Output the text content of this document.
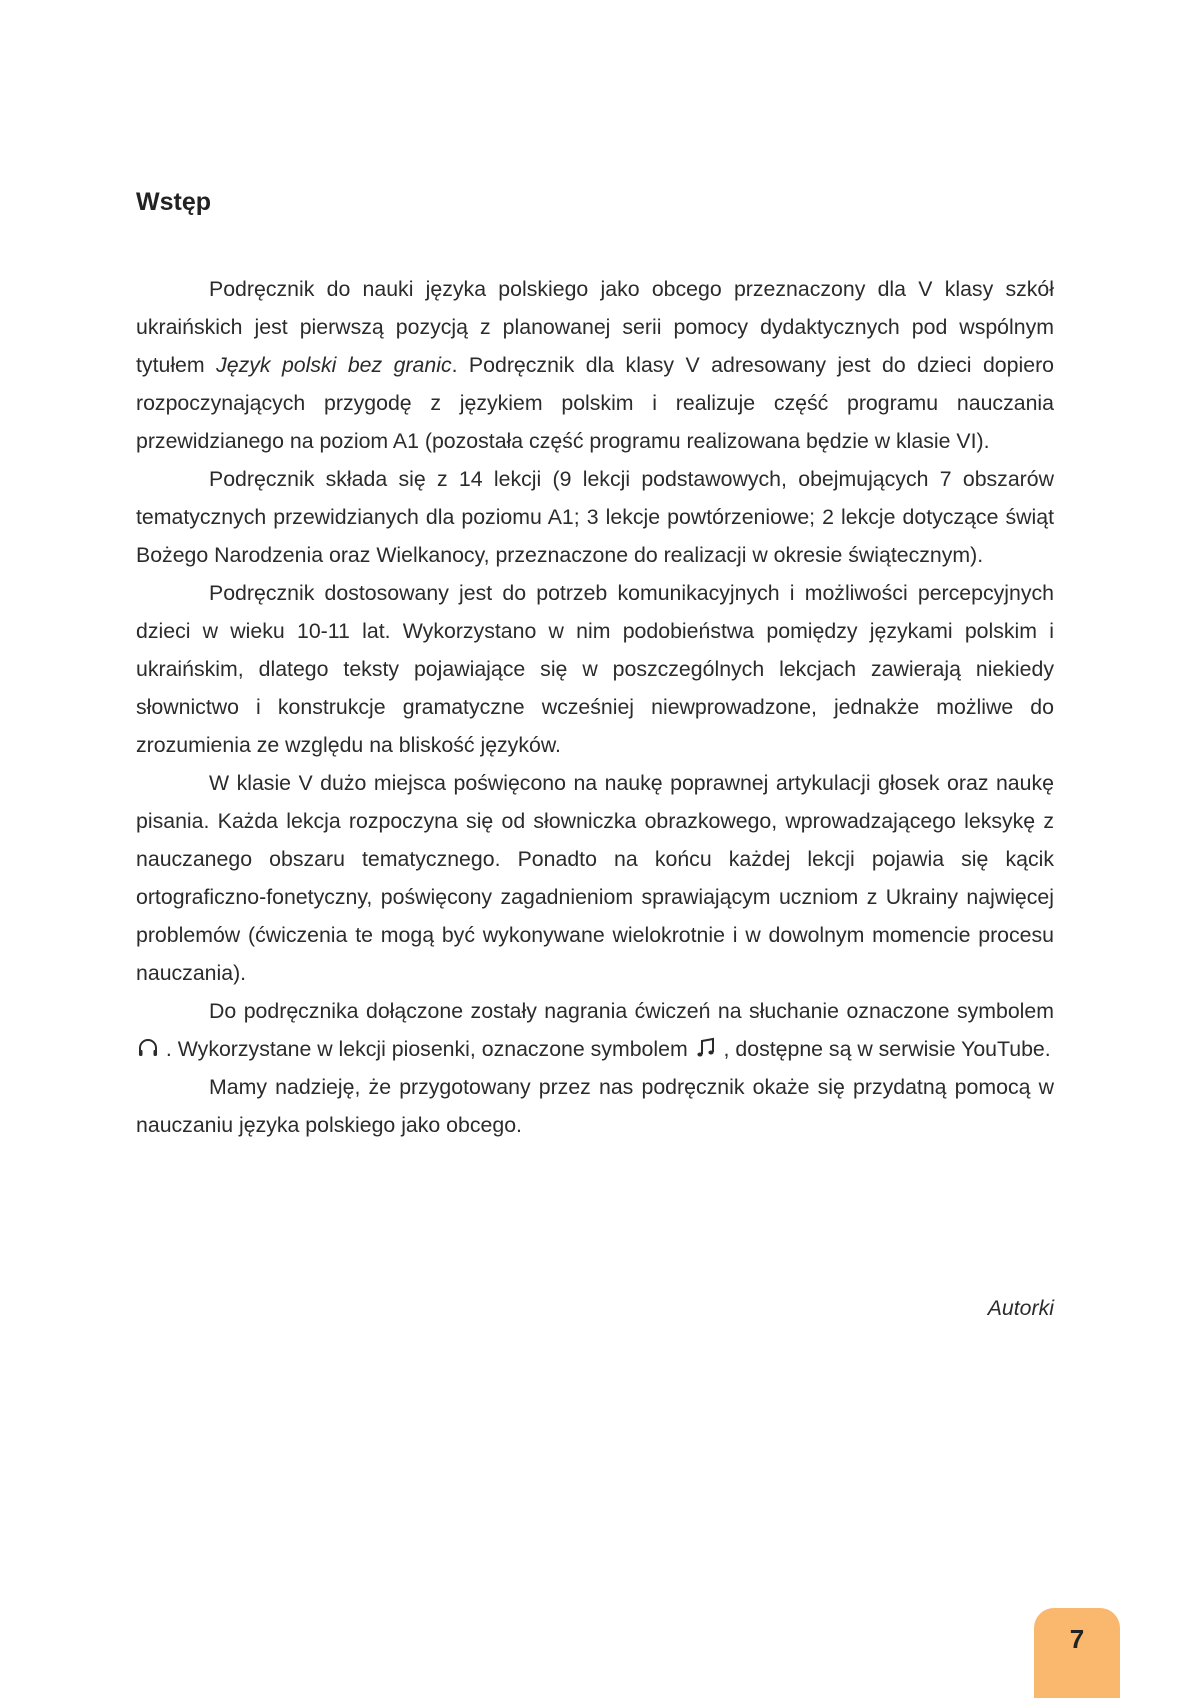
Wstęp

Podręcznik do nauki języka polskiego jako obcego przeznaczony dla V klasy szkół ukraińskich jest pierwszą pozycją z planowanej serii pomocy dydaktycznych pod wspólnym tytułem Język polski bez granic. Podręcznik dla klasy V adresowany jest do dzieci dopiero rozpoczynających przygodę z językiem polskim i realizuje część programu nauczania przewidzianego na poziom A1 (pozostała część programu realizowana będzie w klasie VI).

Podręcznik składa się z 14 lekcji (9 lekcji podstawowych, obejmujących 7 obszarów tematycznych przewidzianych dla poziomu A1; 3 lekcje powtórzeniowe; 2 lekcje dotyczące świąt Bożego Narodzenia oraz Wielkanocy, przeznaczone do realizacji w okresie świątecznym).

Podręcznik dostosowany jest do potrzeb komunikacyjnych i możliwości percepcyjnych dzieci w wieku 10-11 lat. Wykorzystano w nim podobieństwa pomiędzy językami polskim i ukraińskim, dlatego teksty pojawiające się w poszczególnych lekcjach zawierają niekiedy słownictwo i konstrukcje gramatyczne wcześniej niewprowadzone, jednakże możliwe do zrozumienia ze względu na bliskość języków.

W klasie V dużo miejsca poświęcono na naukę poprawnej artykulacji głosek oraz naukę pisania. Każda lekcja rozpoczyna się od słowniczka obrazkowego, wprowadzającego leksykę z nauczanego obszaru tematycznego. Ponadto na końcu każdej lekcji pojawia się kącik ortograficzno-fonetyczny, poświęcony zagadnieniom sprawiającym uczniom z Ukrainy najwięcej problemów (ćwiczenia te mogą być wykonywane wielokrotnie i w dowolnym momencie procesu nauczania).

Do podręcznika dołączone zostały nagrania ćwiczeń na słuchanie oznaczone symbolem
. Wykorzystane w lekcji piosenki, oznaczone symbolem
, dostępne są w serwisie YouTube.

Mamy nadzieję, że przygotowany przez nas podręcznik okaże się przydatną pomocą w nauczaniu języka polskiego jako obcego.

Autorki
7
